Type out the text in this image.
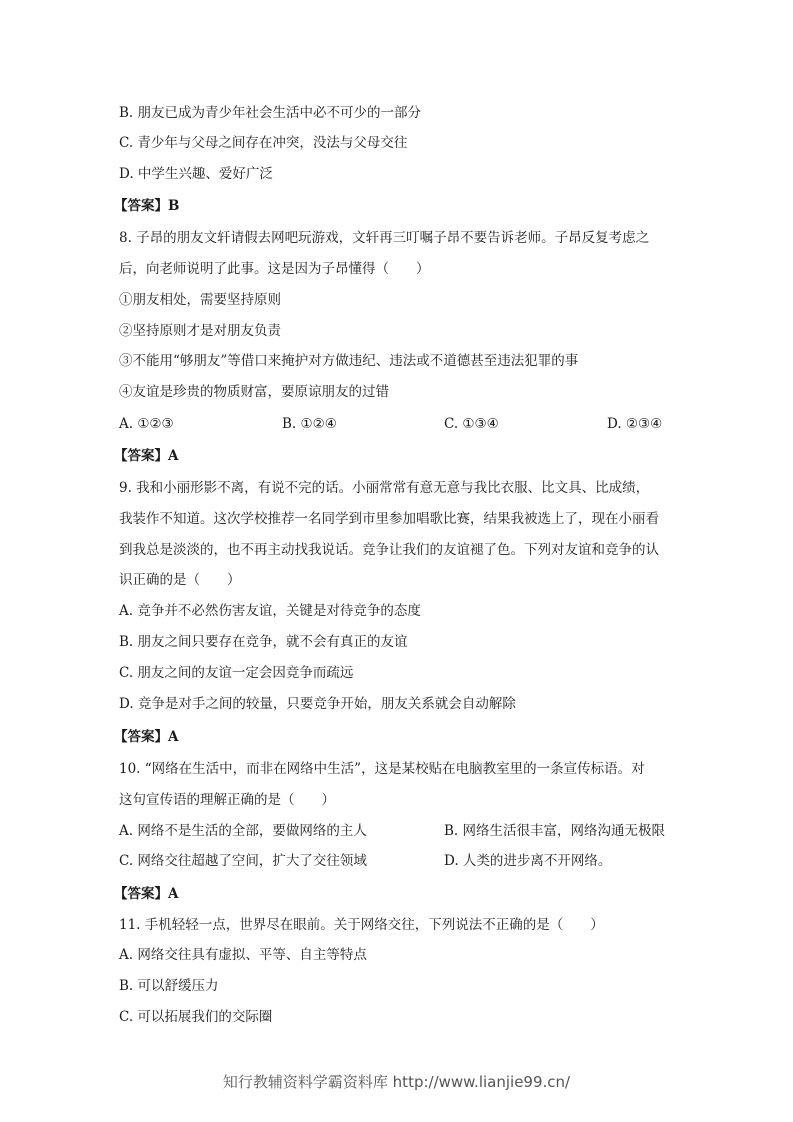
B. 朋友已成为青少年社会生活中必不可少的一部分
C. 青少年与父母之间存在冲突，没法与父母交往
D. 中学生兴趣、爱好广泛
【答案】B
8. 子昂的朋友文轩请假去网吧玩游戏，文轩再三叮嘱子昂不要告诉老师。子昂反复考虑之
后，向老师说明了此事。这是因为子昂懂得（　　）
①朋友相处，需要坚持原则
②坚持原则才是对朋友负责
③不能用“够朋友”等借口来掩护对方做违纪、违法或不道德甚至违法犯罪的事
④友谊是珍贵的物质财富，要原谅朋友的过错
A. ①②③	B. ①②④	C. ①③④	D. ②③④
【答案】A
9. 我和小丽形影不离，有说不完的话。小丽常常有意无意与我比衣服、比文具、比成绩，
我装作不知道。这次学校推荐一名同学到市里参加唱歌比赛，结果我被选上了，现在小丽看
到我总是淡淡的，也不再主动找我说话。竞争让我们的友谊褪了色。下列对友谊和竞争的认
识正确的是（　　）
A. 竞争并不必然伤害友谊，关键是对待竞争的态度
B. 朋友之间只要存在竞争，就不会有真正的友谊
C. 朋友之间的友谊一定会因竞争而疏远
D. 竞争是对手之间的较量，只要竞争开始，朋友关系就会自动解除
【答案】A
10. “网络在生活中，而非在网络中生活”，这是某校贴在电脑教室里的一条宣传标语。对
这句宣传语的理解正确的是（　　）
A. 网络不是生活的全部，要做网络的主人	B. 网络生活很丰富，网络沟通无极限
C. 网络交往超越了空间，扩大了交往领域	D. 人类的进步离不开网络。
【答案】A
11. 手机轻轻一点，世界尽在眼前。关于网络交往，下列说法不正确的是（　　）
A. 网络交往具有虚拟、平等、自主等特点
B. 可以舒缓压力
C. 可以拓展我们的交际圈
知行教辅资料学霸资料库 http://www.lianjie99.cn/
